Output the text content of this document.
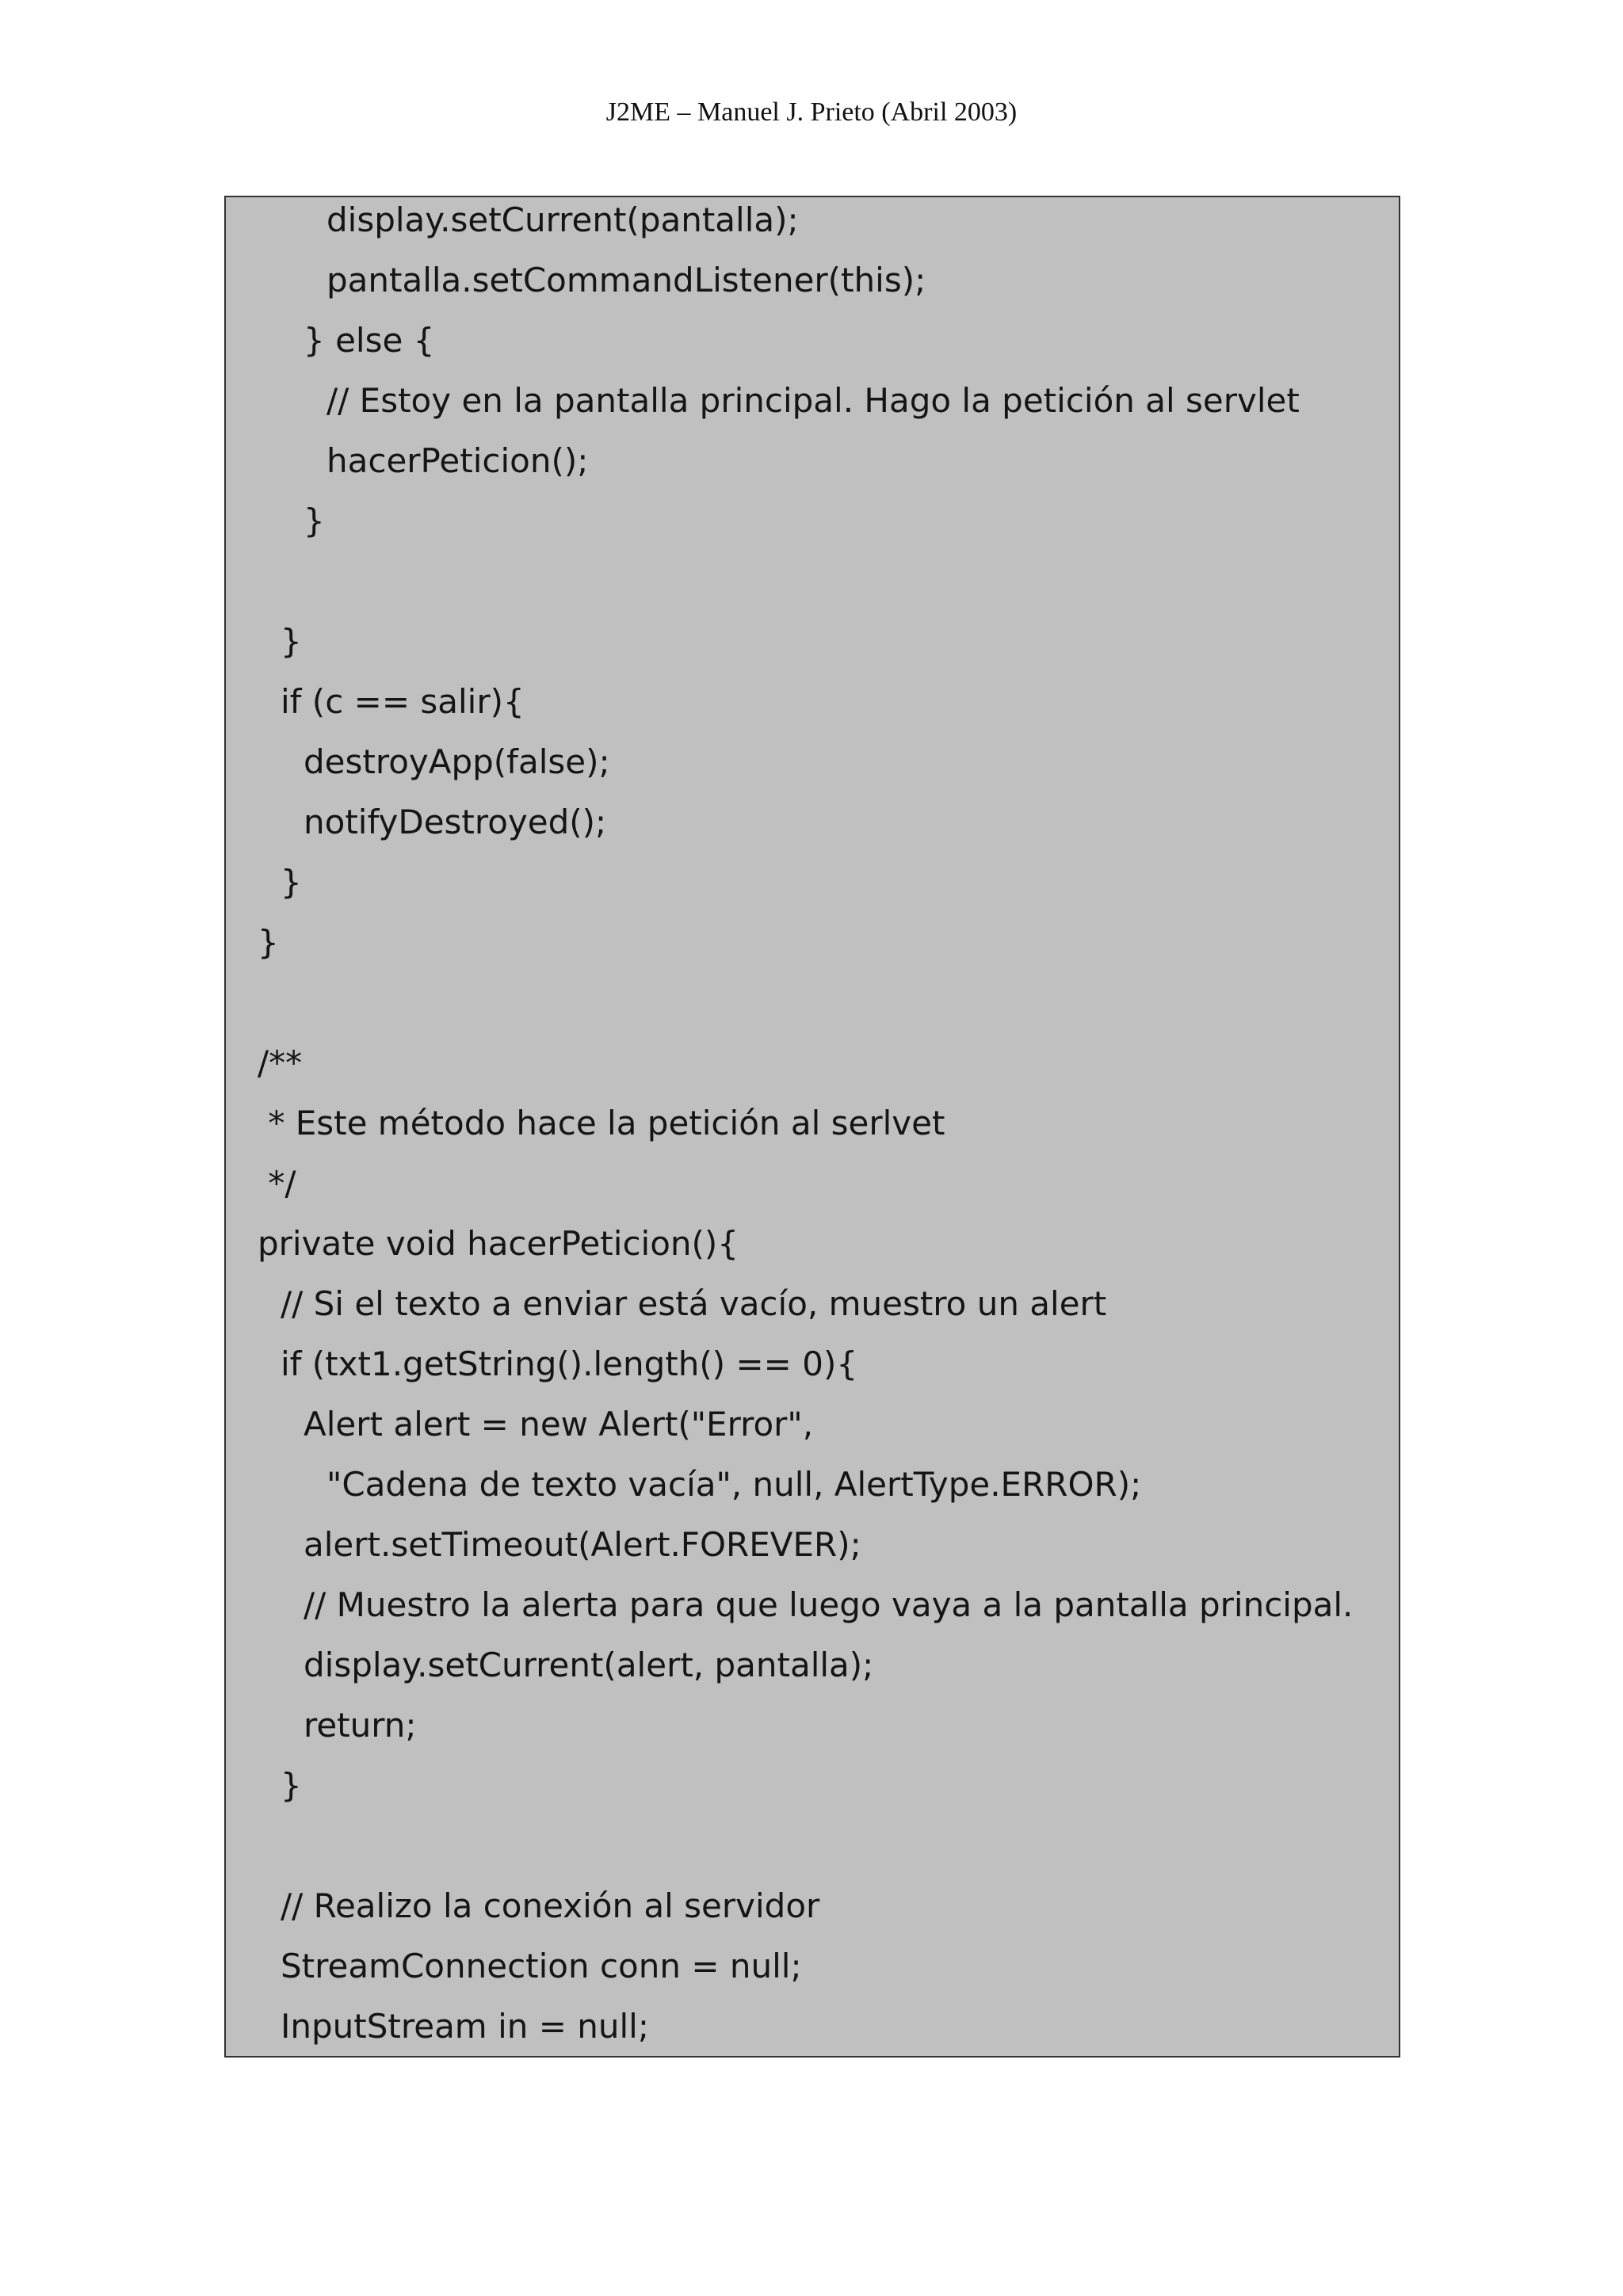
J2ME – Manuel J. Prieto (Abril 2003)
display.setCurrent(pantalla);
pantalla.setCommandListener(this);
} else {
// Estoy en la pantalla principal. Hago la petición al servlet
hacerPeticion();
}
}
if (c == salir){
destroyApp(false);
notifyDestroyed();
}
}
/**
* Este método hace la petición al serlvet
*/
private void hacerPeticion(){
// Si el texto a enviar está vacío, muestro un alert
if (txt1.getString().length() == 0){
Alert alert = new Alert("Error",
"Cadena de texto vacía", null, AlertType.ERROR);
alert.setTimeout(Alert.FOREVER);
// Muestro la alerta para que luego vaya a la pantalla principal.
display.setCurrent(alert, pantalla);
return;
}
// Realizo la conexión al servidor
StreamConnection conn = null;
InputStream in = null;
